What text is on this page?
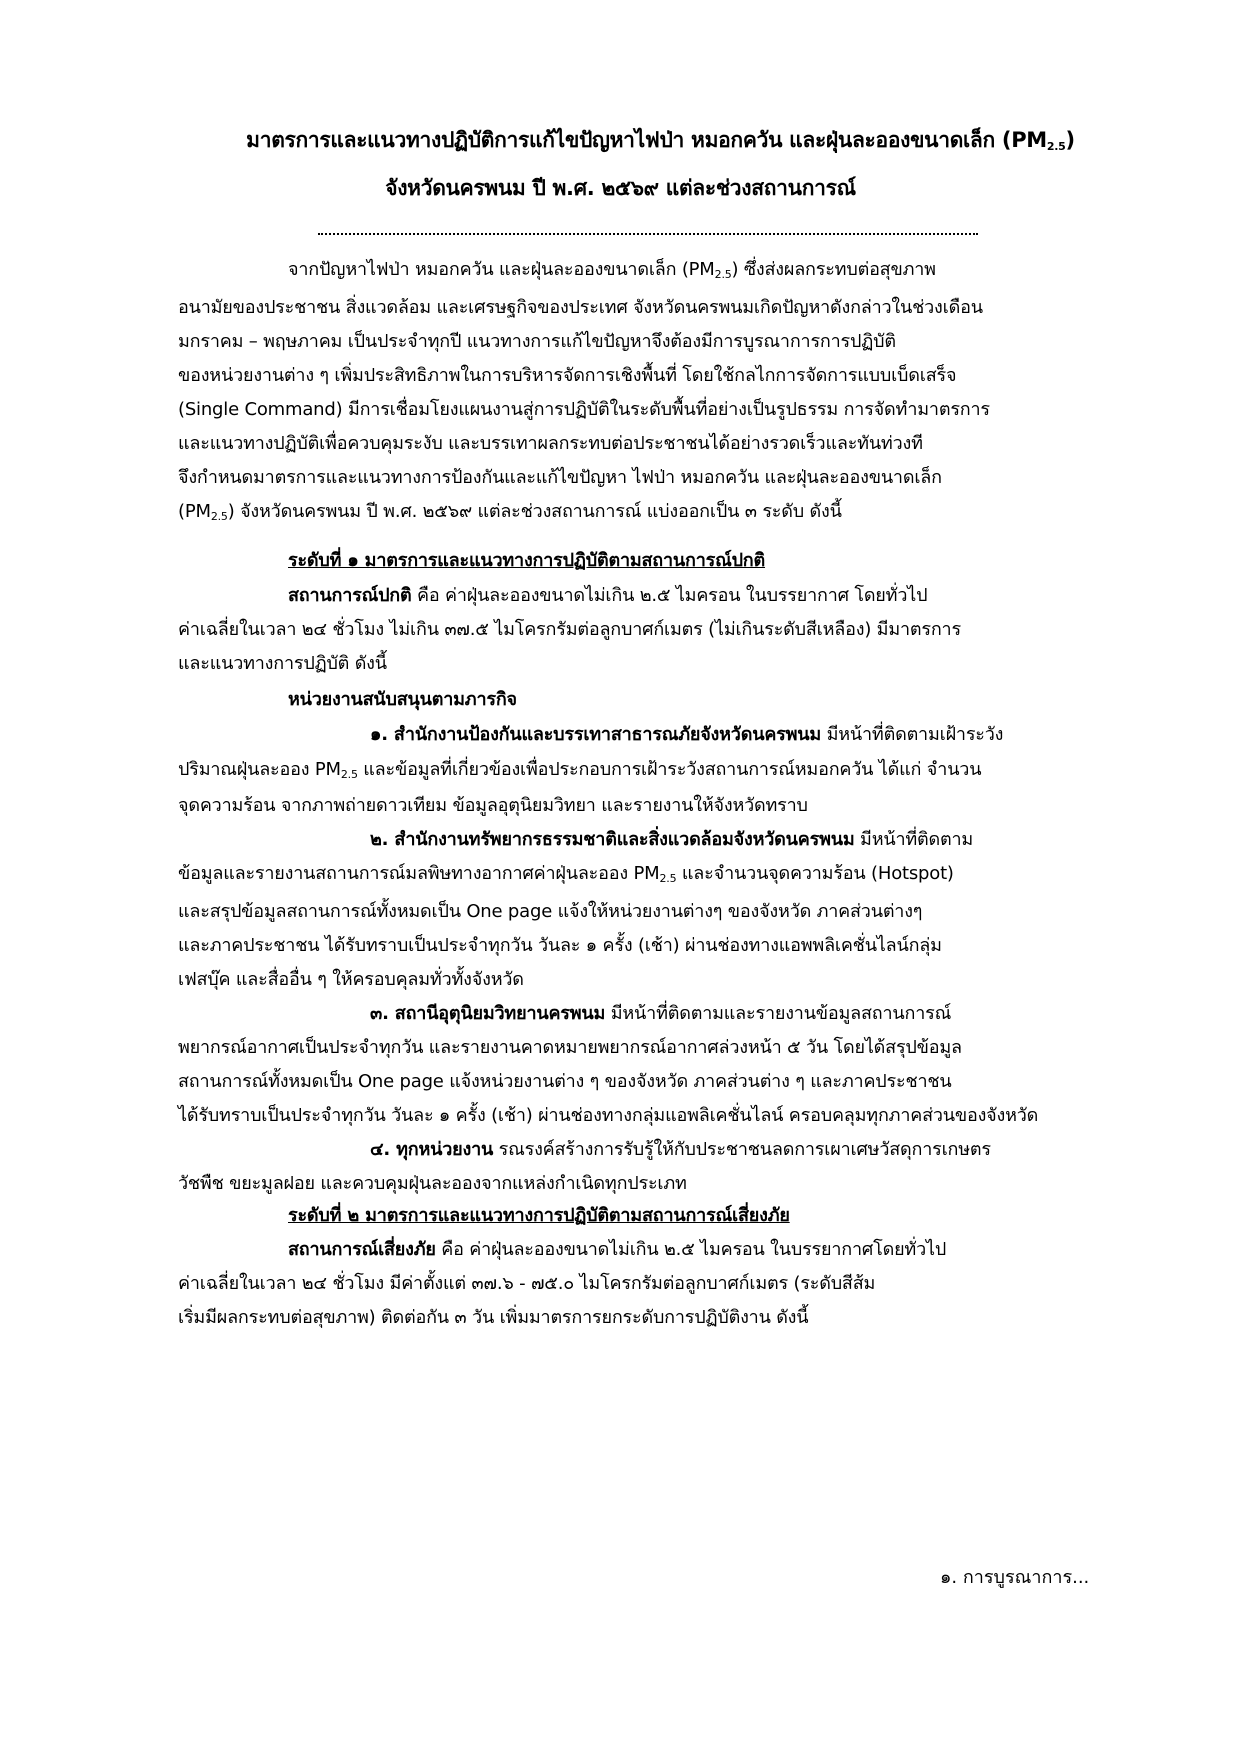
มาตรการและแนวทางปฏิบัติการแก้ไขปัญหาไฟป่า หมอกควัน และฝุ่นละอองขนาดเล็ก $(PM_{2.5})$
จังหวัดนครพนม ปี พ.ศ. ๒๕๖๙ แต่ละช่วงสถานการณ์
จากปัญหาไฟป่า หมอกควัน และฝุ่นละอองขนาดเล็ก $(PM_{2.5})$ ซึ่งส่งผลกระทบต่อสุขภาพ
อนามัยของประชาชน สิ่งแวดล้อม และเศรษฐกิจของประเทศ จังหวัดนครพนมเกิดปัญหาดังกล่าวในช่วงเดือน
มกราคม – พฤษภาคม เป็นประจำทุกปี แนวทางการแก้ไขปัญหาจึงต้องมีการบูรณาการการปฏิบัติ
ของหน่วยงานต่าง ๆ เพิ่มประสิทธิภาพในการบริหารจัดการเชิงพื้นที่ โดยใช้กลไกการจัดการแบบเบ็ดเสร็จ
(Single Command) มีการเชื่อมโยงแผนงานสู่การปฏิบัติในระดับพื้นที่อย่างเป็นรูปธรรม การจัดทำมาตรการ
และแนวทางปฏิบัติเพื่อควบคุมระงับ และบรรเทาผลกระทบต่อประชาชนได้อย่างรวดเร็วและทันท่วงที
จึงกำหนดมาตรการและแนวทางการป้องกันและแก้ไขปัญหา ไฟป่า หมอกควัน และฝุ่นละอองขนาดเล็ก
$(PM_{2.5})$ จังหวัดนครพนม ปี พ.ศ. ๒๕๖๙ แต่ละช่วงสถานการณ์ แบ่งออกเป็น ๓ ระดับ ดังนี้
ระดับที่ ๑ มาตรการและแนวทางการปฏิบัติตามสถานการณ์ปกติ
สถานการณ์ปกติ คือ ค่าฝุ่นละอองขนาดไม่เกิน ๒.๕ ไมครอน ในบรรยากาศ โดยทั่วไป
ค่าเฉลี่ยในเวลา ๒๔ ชั่วโมง ไม่เกิน ๓๗.๕ ไมโครกรัมต่อลูกบาศก์เมตร (ไม่เกินระดับสีเหลือง) มีมาตรการ
และแนวทางการปฏิบัติ ดังนี้
หน่วยงานสนับสนุนตามภารกิจ
๑. สำนักงานป้องกันและบรรเทาสาธารณภัยจังหวัดนครพนม มีหน้าที่ติดตามเฝ้าระวัง
ปริมาณฝุ่นละออง $PM_{2.5}$ และข้อมูลที่เกี่ยวข้องเพื่อประกอบการเฝ้าระวังสถานการณ์หมอกควัน ได้แก่ จำนวน
จุดความร้อน จากภาพถ่ายดาวเทียม ข้อมูลอุตุนิยมวิทยา และรายงานให้จังหวัดทราบ
๒. สำนักงานทรัพยากรธรรมชาติและสิ่งแวดล้อมจังหวัดนครพนม มีหน้าที่ติดตาม
ข้อมูลและรายงานสถานการณ์มลพิษทางอากาศค่าฝุ่นละออง $PM_{2.5}$ และจำนวนจุดความร้อน (Hotspot)
และสรุปข้อมูลสถานการณ์ทั้งหมดเป็น One page แจ้งให้หน่วยงานต่างๆ ของจังหวัด ภาคส่วนต่างๆ
และภาคประชาชน ได้รับทราบเป็นประจำทุกวัน วันละ ๑ ครั้ง (เช้า) ผ่านช่องทางแอพพลิเคชั่นไลน์กลุ่ม
เฟสบุ๊ค และสื่ออื่น ๆ ให้ครอบคุลมทั่วทั้งจังหวัด
๓. สถานีอุตุนิยมวิทยานครพนม มีหน้าที่ติดตามและรายงานข้อมูลสถานการณ์
พยากรณ์อากาศเป็นประจำทุกวัน และรายงานคาดหมายพยากรณ์อากาศล่วงหน้า ๕ วัน โดยได้สรุปข้อมูล
สถานการณ์ทั้งหมดเป็น One page แจ้งหน่วยงานต่าง ๆ ของจังหวัด ภาคส่วนต่าง ๆ และภาคประชาชน
ได้รับทราบเป็นประจำทุกวัน วันละ ๑ ครั้ง (เช้า) ผ่านช่องทางกลุ่มแอพลิเคชั่นไลน์ ครอบคลุมทุกภาคส่วนของจังหวัด
๔. ทุกหน่วยงาน รณรงค์สร้างการรับรู้ให้กับประชาชนลดการเผาเศษวัสดุการเกษตร
วัชพืช ขยะมูลฝอย และควบคุมฝุ่นละอองจากแหล่งกำเนิดทุกประเภท
ระดับที่ ๒ มาตรการและแนวทางการปฏิบัติตามสถานการณ์เสี่ยงภัย
สถานการณ์เสี่ยงภัย คือ ค่าฝุ่นละอองขนาดไม่เกิน ๒.๕ ไมครอน ในบรรยากาศโดยทั่วไป
ค่าเฉลี่ยในเวลา ๒๔ ชั่วโมง มีค่าตั้งแต่ ๓๗.๖ - ๗๕.๐ ไมโครกรัมต่อลูกบาศก์เมตร (ระดับสีส้ม
เริ่มมีผลกระทบต่อสุขภาพ) ติดต่อกัน ๓ วัน เพิ่มมาตรการยกระดับการปฏิบัติงาน ดังนี้
๑. การบูรณาการ...
